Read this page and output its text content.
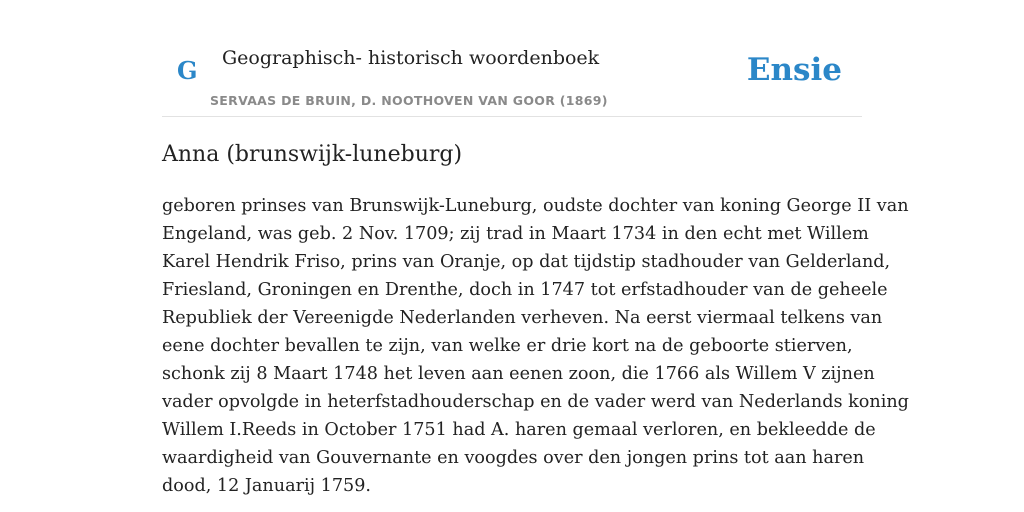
G Geographisch- historisch woordenboek
SERVAAS DE BRUIN, D. NOOTHOVEN VAN GOOR (1869)
Ensie
Anna (brunswijk-luneburg)

geboren prinses van Brunswijk-Luneburg, oudste dochter van koning George II van
Engeland, was geb. 2 Nov. 1709; zij trad in Maart 1734 in den echt met Willem
Karel Hendrik Friso, prins van Oranje, op dat tijdstip stadhouder van Gelderland,
Friesland, Groningen en Drenthe, doch in 1747 tot erfstadhouder van de geheele
Republiek der Vereenigde Nederlanden verheven. Na eerst viermaal telkens van
eene dochter bevallen te zijn, van welke er drie kort na de geboorte stierven,
schonk zij 8 Maart 1748 het leven aan eenen zoon, die 1766 als Willem V zijnen
vader opvolgde in heterfstadhouderschap en de vader werd van Nederlands koning
Willem I.Reeds in October 1751 had A. haren gemaal verloren, en bekleedde de
waardigheid van Gouvernante en voogdes over den jongen prins tot aan haren
dood, 12 Januarij 1759.
